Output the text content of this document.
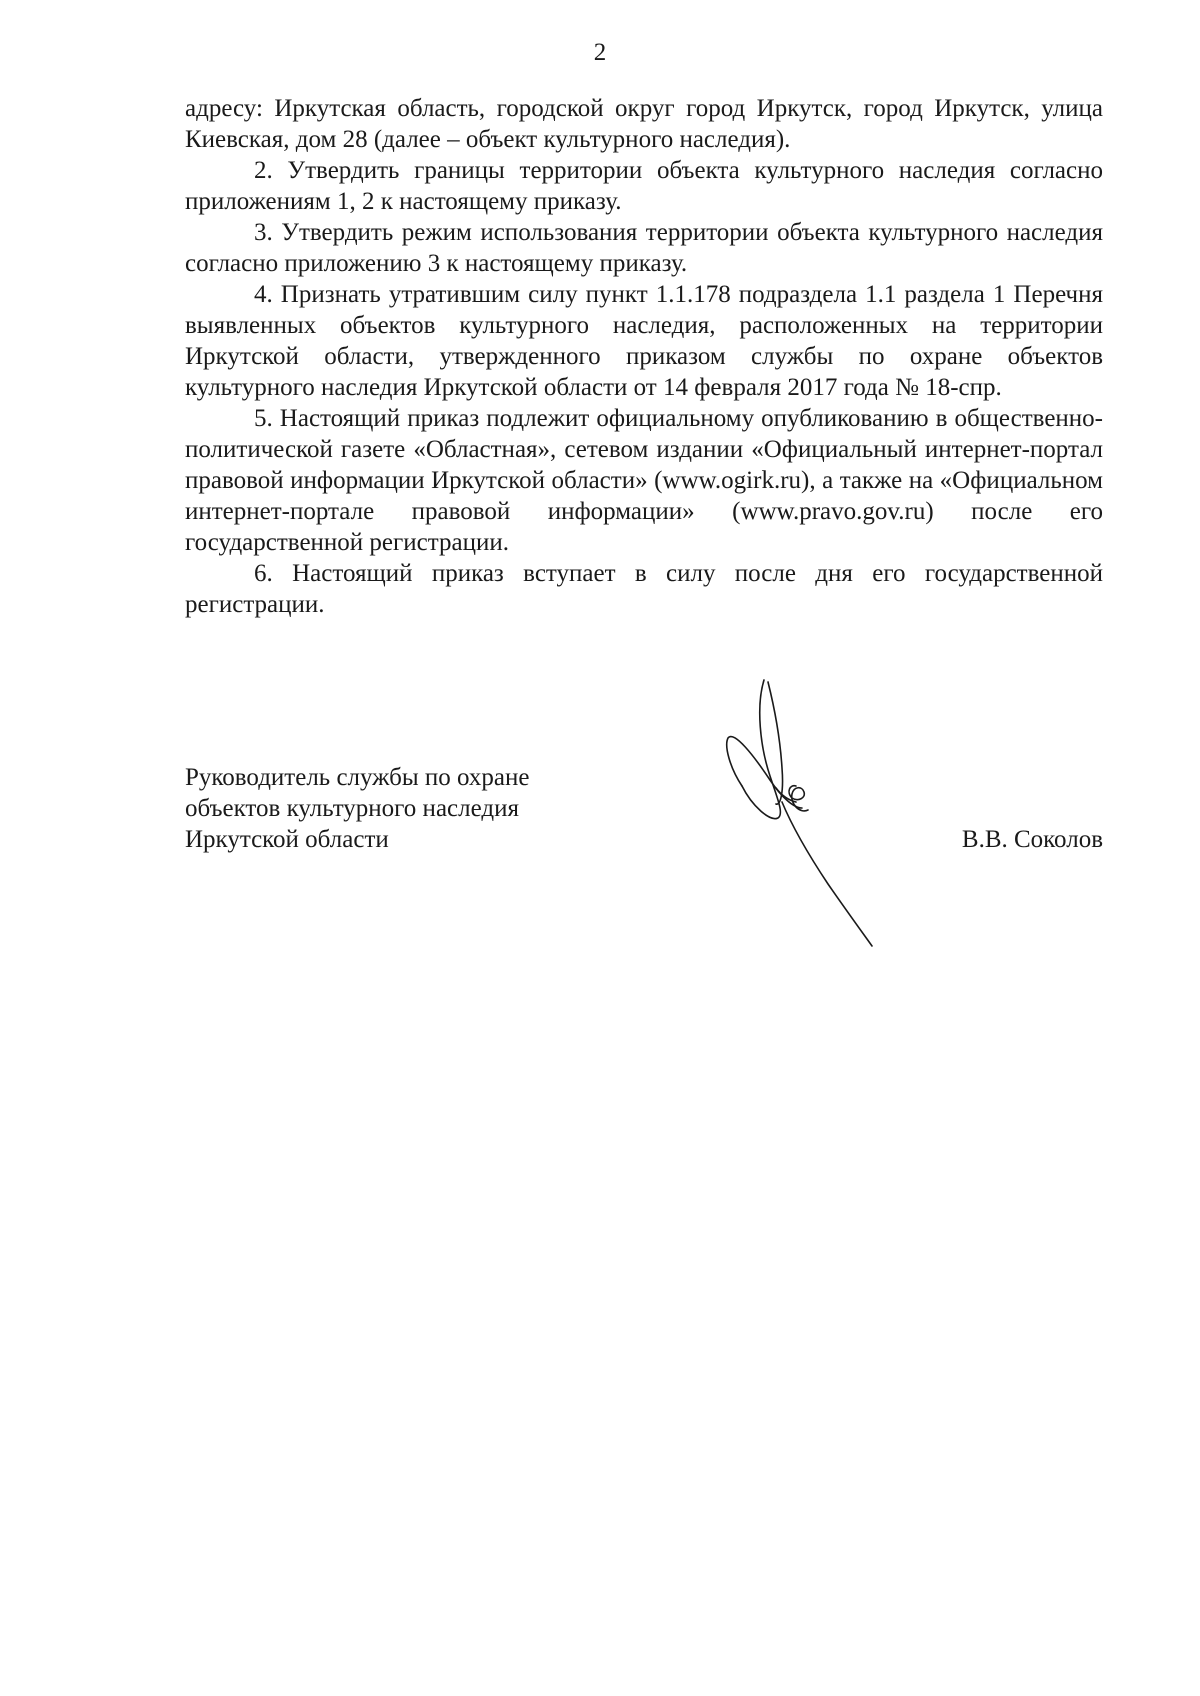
2

адресу: Иркутская область, городской округ город Иркутск, город Иркутск, улица Киевская, дом 28 (далее – объект культурного наследия).

2. Утвердить границы территории объекта культурного наследия согласно приложениям 1, 2 к настоящему приказу.

3. Утвердить режим использования территории объекта культурного наследия согласно приложению 3 к настоящему приказу.

4. Признать утратившим силу пункт 1.1.178 подраздела 1.1 раздела 1 Перечня выявленных объектов культурного наследия, расположенных на территории Иркутской области, утвержденного приказом службы по охране объектов культурного наследия Иркутской области от 14 февраля 2017 года № 18-спр.

5. Настоящий приказ подлежит официальному опубликованию в общественно-политической газете «Областная», сетевом издании «Официальный интернет-портал правовой информации Иркутской области» (www.ogirk.ru), а также на «Официальном интернет-портале правовой информации» (www.pravo.gov.ru) после его государственной регистрации.

6. Настоящий приказ вступает в силу после дня его государственной регистрации.

Руководитель службы по охране
объектов культурного наследия
Иркутской области	В.В. Соколов
